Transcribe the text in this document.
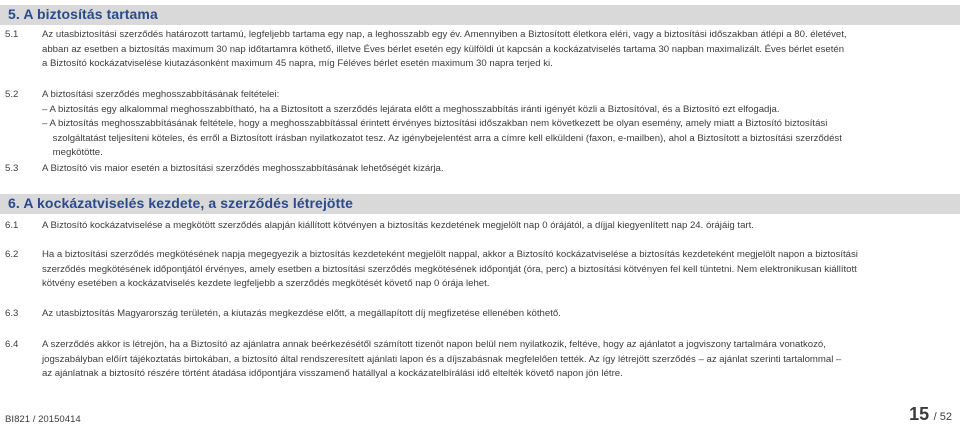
5. A biztosítás tartama
5.1 Az utasbiztosítási szerződés határozott tartamú, legfeljebb tartama egy nap, a leghosszabb egy év. Amennyiben a Biztosított életkora eléri, vagy a biztosítási időszakban átlépi a 80. életévet,
abban az esetben a biztosítás maximum 30 nap időtartamra köthető, illetve Éves bérlet esetén egy külföldi út kapcsán a kockázatviselés tartama 30 napban maximalizált. Éves bérlet esetén
a Biztosító kockázatviselése kiutazásonként maximum 45 napra, míg Féléves bérlet esetén maximum 30 napra terjed ki.
5.2 A biztosítási szerződés meghosszabbításának feltételei:
– A biztosítás egy alkalommal meghosszabbítható, ha a Biztosított a szerződés lejárata előtt a meghosszabbítás iránti igényét közli a Biztosítóval, és a Biztosító ezt elfogadja.
– A biztosítás meghosszabbításának feltétele, hogy a meghosszabbítással érintett érvényes biztosítási időszakban nem következett be olyan esemény, amely miatt a Biztosító biztosítási
szolgáltatást teljesíteni köteles, és erről a Biztosított írásban nyilatkozatot tesz. Az igénybejelentést arra a címre kell elküldeni (faxon, e-mailben), ahol a Biztosított a biztosítási szerződést
megkötötte.
5.3 A Biztosító vis maior esetén a biztosítási szerződés meghosszabbításának lehetőségét kizárja.
6. A kockázatviselés kezdete, a szerződés létrejötte
6.1 A Biztosító kockázatviselése a megkötött szerződés alapján kiállított kötvényen a biztosítás kezdetének megjelölt nap 0 órájától, a díjjal kiegyenlített nap 24. órájáig tart.
6.2 Ha a biztosítási szerződés megkötésének napja megegyezik a biztosítás kezdeteként megjelölt nappal, akkor a Biztosító kockázatviselése a biztosítás kezdeteként megjelölt napon a biztosítási
szerződés megkötésének időpontjától érvényes, amely esetben a biztosítási szerződés megkötésének időpontját (óra, perc) a biztosítási kötvényen fel kell tüntetni. Nem elektronikusan kiállított
kötvény esetében a kockázatviselés kezdete legfeljebb a szerződés megkötését követő nap 0 órája lehet.
6.3 Az utasbiztosítás Magyarország területén, a kiutazás megkezdése előtt, a megállapított díj megfizetése ellenében köthető.
6.4 A szerződés akkor is létrejön, ha a Biztosító az ajánlatra annak beérkezésétől számított tizenöt napon belül nem nyilatkozik, feltéve, hogy az ajánlatot a jogviszony tartalmára vonatkozó,
jogszabályban előírt tájékoztatás birtokában, a biztosító által rendszeresített ajánlati lapon és a díjszabásnak megfelelően tették. Az így létrejött szerződés – az ajánlat szerinti tartalommal –
az ajánlatnak a biztosító részére történt átadása időpontjára visszamenő hatállyal a kockázatelbírálási idő eltelték követő napon jön létre.
BI821 / 20150414	15 / 52
